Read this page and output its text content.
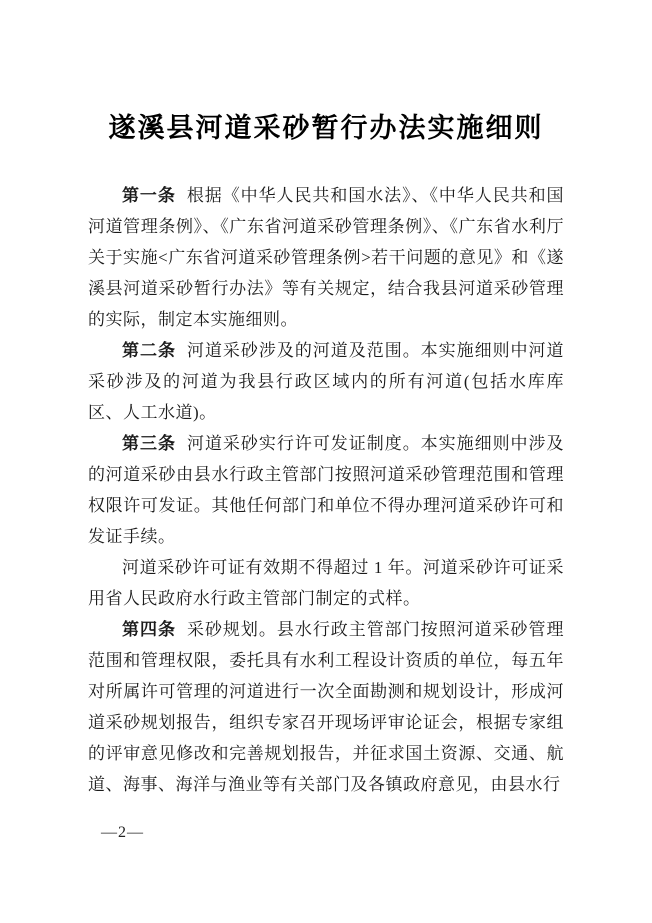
遂溪县河道采砂暂行办法实施细则

第一条 根据《中华人民共和国水法》、《中华人民共和国河道管理条例》、《广东省河道采砂管理条例》、《广东省水利厅关于实施<广东省河道采砂管理条例>若干问题的意见》和《遂溪县河道采砂暂行办法》等有关规定，结合我县河道采砂管理的实际，制定本实施细则。

第二条 河道采砂涉及的河道及范围。本实施细则中河道采砂涉及的河道为我县行政区域内的所有河道(包括水库库区、人工水道)。

第三条 河道采砂实行许可发证制度。本实施细则中涉及的河道采砂由县水行政主管部门按照河道采砂管理范围和管理权限许可发证。其他任何部门和单位不得办理河道采砂许可和发证手续。

河道采砂许可证有效期不得超过 1 年。河道采砂许可证采用省人民政府水行政主管部门制定的式样。

第四条 采砂规划。县水行政主管部门按照河道采砂管理范围和管理权限，委托具有水利工程设计资质的单位，每五年对所属许可管理的河道进行一次全面勘测和规划设计，形成河道采砂规划报告，组织专家召开现场评审论证会，根据专家组的评审意见修改和完善规划报告，并征求国土资源、交通、航道、海事、海洋与渔业等有关部门及各镇政府意见，由县水行

—2—
